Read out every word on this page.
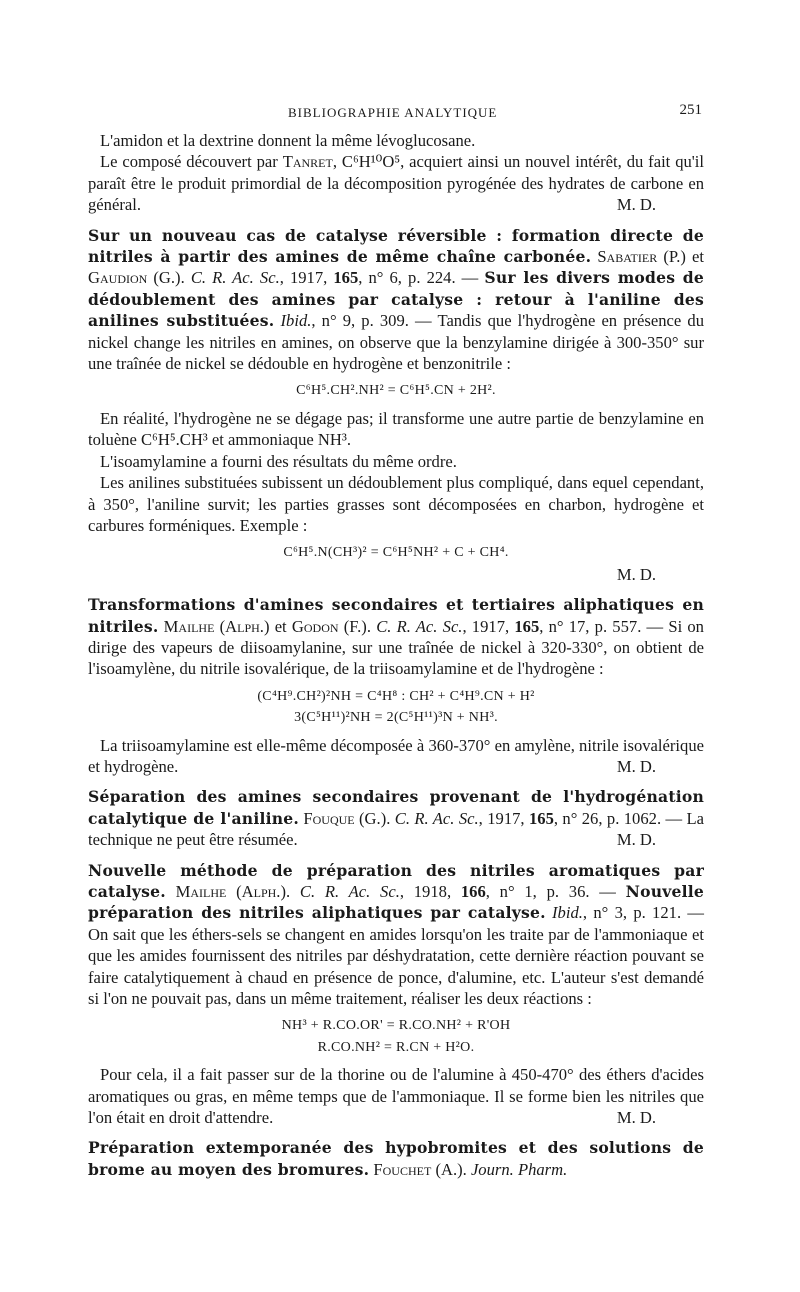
BIBLIOGRAPHIE ANALYTIQUE	251

L'amidon et la dextrine donnent la même lévoglucosane.

Le composé découvert par Tanret, C⁶H¹⁰O⁵, acquiert ainsi un nouvel intérêt, du fait qu'il paraît être le produit primordial de la décomposition pyrogénée des hydrates de carbone en général.	M. D.

Sur un nouveau cas de catalyse réversible : formation directe de nitriles à partir des amines de même chaîne carbonée. Sabatier (P.) et Gaudion (G.). C. R. Ac. Sc., 1917, 165, n° 6, p. 224. — Sur les divers modes de dédoublement des amines par catalyse : retour à l'aniline des anilines substituées. Ibid., n° 9, p. 309. — Tandis que l'hydrogène en présence du nickel change les nitriles en amines, on observe que la benzylamine dirigée à 300-350° sur une traînée de nickel se dédouble en hydrogène et benzonitrile :

C⁶H⁵.CH².NH² = C⁶H⁵.CN + 2H².

En réalité, l'hydrogène ne se dégage pas; il transforme une autre partie de benzylamine en toluène C⁶H⁵.CH³ et ammoniaque NH³.

L'isoamylamine a fourni des résultats du même ordre.

Les anilines substituées subissent un dédoublement plus compliqué, dans equel cependant, à 350°, l'aniline survit; les parties grasses sont décomposées en charbon, hydrogène et carbures forméniques. Exemple :

C⁶H⁵.N(CH³)² = C⁶H⁵NH² + C + CH⁴.

M. D.

Transformations d'amines secondaires et tertiaires aliphatiques en nitriles. Mailhe (Alph.) et Godon (F.). C. R. Ac. Sc., 1917, 165, n° 17, p. 557. — Si on dirige des vapeurs de diisoamylanine, sur une traînée de nickel à 320-330°, on obtient de l'isoamylène, du nitrile isovalérique, de la triisoamylamine et de l'hydrogène :

(C⁴H⁹.CH²)²NH = C⁴H⁸ : CH² + C⁴H⁹.CN + H²

3(C⁵H¹¹)²NH = 2(C⁵H¹¹)³N + NH³.

La triisoamylamine est elle-même décomposée à 360-370° en amylène, nitrile isovalérique et hydrogène.	M. D.

Séparation des amines secondaires provenant de l'hydrogénation catalytique de l'aniline. Fouque (G.). C. R. Ac. Sc., 1917, 165, n° 26, p. 1062. — La technique ne peut être résumée.	M. D.

Nouvelle méthode de préparation des nitriles aromatiques par catalyse. Mailhe (Alph.). C. R. Ac. Sc., 1918, 166, n° 1, p. 36. — Nouvelle préparation des nitriles aliphatiques par catalyse. Ibid., n° 3, p. 121. — On sait que les éthers-sels se changent en amides lorsqu'on les traite par de l'ammoniaque et que les amides fournissent des nitriles par déshydratation, cette dernière réaction pouvant se faire catalytiquement à chaud en présence de ponce, d'alumine, etc. L'auteur s'est demandé si l'on ne pouvait pas, dans un même traitement, réaliser les deux réactions :

NH³ + R.CO.OR' = R.CO.NH² + R'OH

R.CO.NH² = R.CN + H²O.

Pour cela, il a fait passer sur de la thorine ou de l'alumine à 450-470° des éthers d'acides aromatiques ou gras, en même temps que de l'ammoniaque. Il se forme bien les nitriles que l'on était en droit d'attendre.	M. D.

Préparation extemporanée des hypobromites et des solutions de brome au moyen des bromures. Fouchet (A.). Journ. Pharm.
